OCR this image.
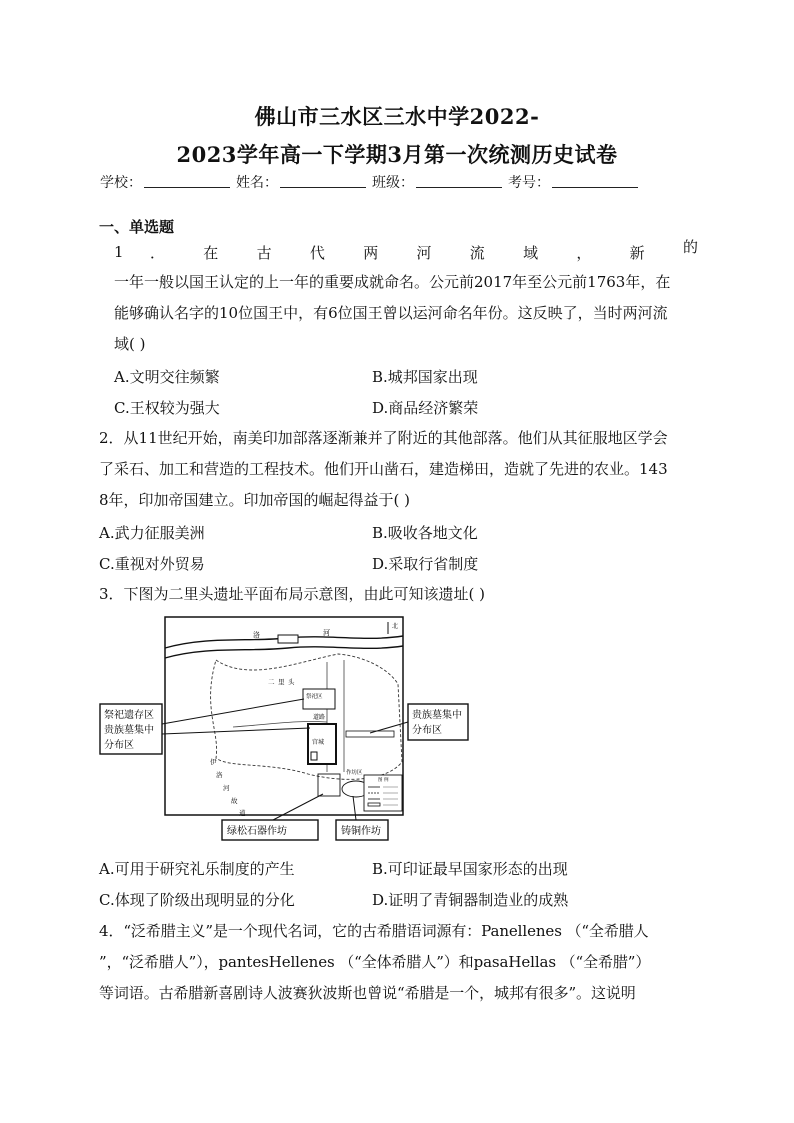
佛山市三水区三水中学2022-
2023学年高一下学期3月第一次统测历史试卷
学校：	姓名：	班级：	考号：
一、单选题
1 ．	在	古	代	两	河	流	域	，	新	的
一年一般以国王认定的上一年的重要成就命名。公元前2017年至公元前1763年，在
能够确认名字的10位国王中，有6位国王曾以运河命名年份。这反映了，当时两河流
域( )
A.文明交往频繁	B.城邦国家出现
C.王权较为强大	D.商品经济繁荣
2．从11世纪开始，南美印加部落逐渐兼并了附近的其他部落。他们从其征服地区学会
了采石、加工和营造的工程技术。他们开山凿石，建造梯田，造就了先进的农业。143
8年，印加帝国建立。印加帝国的崛起得益于( )
A.武力征服美洲	B.吸收各地文化
C.重视对外贸易	D.采取行省制度
3．下图为二里头遗址平面布局示意图，由此可知该遗址( )
洛	河
北
道路
二 里 头
祭祀区
宫城
作坊区
伊
洛
河
故
道
图 例
祭祀遗存区
贵族墓集中
分布区
贵族墓集中
分布区
绿松石器作坊	铸铜作坊
A.可用于研究礼乐制度的产生	B.可印证最早国家形态的出现
C.体现了阶级出现明显的分化	D.证明了青铜器制造业的成熟
4．“泛希腊主义”是一个现代名词，它的古希腊语词源有：Panellenes （“全希腊人
”，“泛希腊人”），pantesHellenes （“全体希腊人”）和pasaHellas （“全希腊”）
等词语。古希腊新喜剧诗人波赛狄波斯也曾说“希腊是一个，城邦有很多”。这说明
